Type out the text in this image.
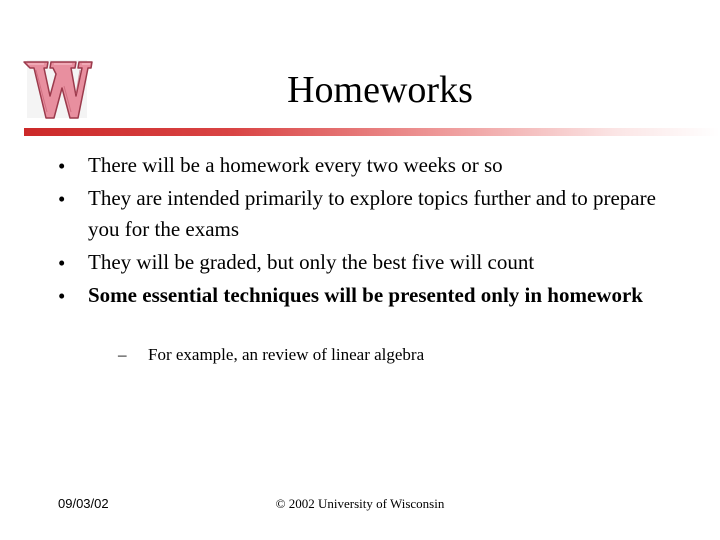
Homeworks
• There will be a homework every two weeks or so
• They are intended primarily to explore topics further and to prepare you for the exams
• They will be graded, but only the best five will count
• Some essential techniques will be presented only in homework
– For example, an review of linear algebra
09/03/02	© 2002 University of Wisconsin
